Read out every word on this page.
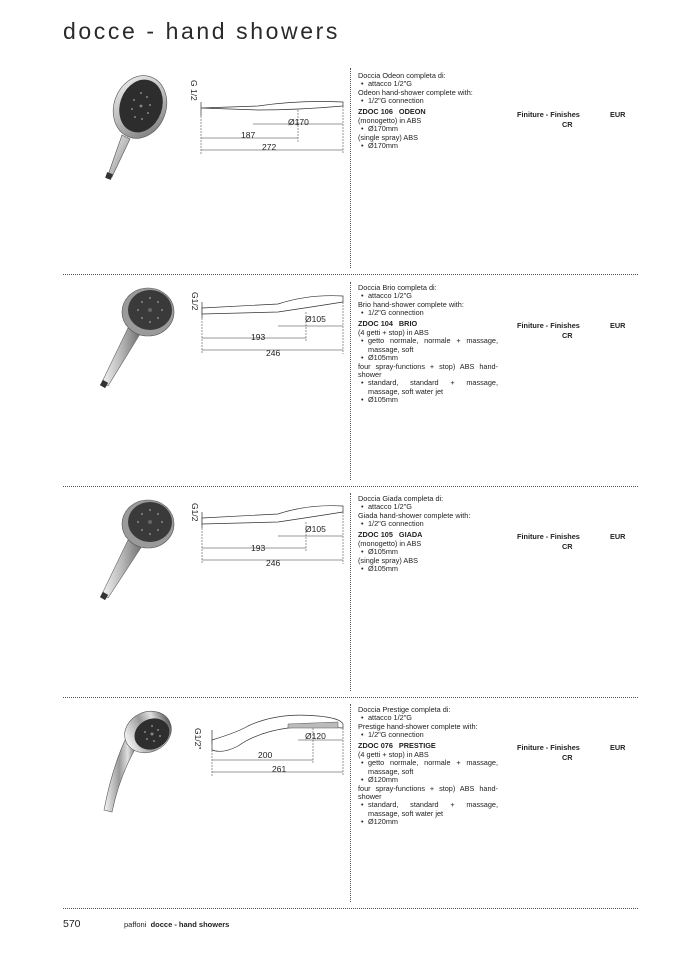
docce - hand showers
G 1/2
Ø170
187
272
Doccia Odeon completa di:
• attacco 1/2"G
Odeon hand-shower complete with:
• 1/2"G connection
ZDOC 106 ODEON
(monogetto) in ABS
• Ø170mm
(single spray) ABS
• Ø170mm
Finiture - Finishes	EUR
CR
G1/2
Ø105
193
246
Doccia Brio completa di:
• attacco 1/2"G
Brio hand-shower complete with:
• 1/2"G connection
ZDOC 104 BRIO
(4 getti + stop) in ABS
• getto normale, normale + massage, massage, soft
• Ø105mm
four spray-functions + stop) ABS hand-shower
• standard, standard + massage, massage, soft water jet
• Ø105mm
Finiture - Finishes	EUR
CR
G1/2
Ø105
193
246
Doccia Giada completa di:
• attacco 1/2"G
Giada hand-shower complete with:
• 1/2"G connection
ZDOC 105 GIADA
(monogetto) in ABS
• Ø105mm
(single spray) ABS
• Ø105mm
Finiture - Finishes	EUR
CR
G1/2"	Ø120
200
261
Doccia Prestige completa di:
• attacco 1/2"G
Prestige hand-shower complete with:
• 1/2"G connection
ZDOC 076 PRESTIGE
(4 getti + stop) in ABS
• getto normale, normale + massage, massage, soft
• Ø120mm
four spray-functions + stop) ABS hand-shower
• standard, standard + massage, massage, soft water jet
• Ø120mm
Finiture - Finishes	EUR
CR
570	paffoni docce - hand showers
